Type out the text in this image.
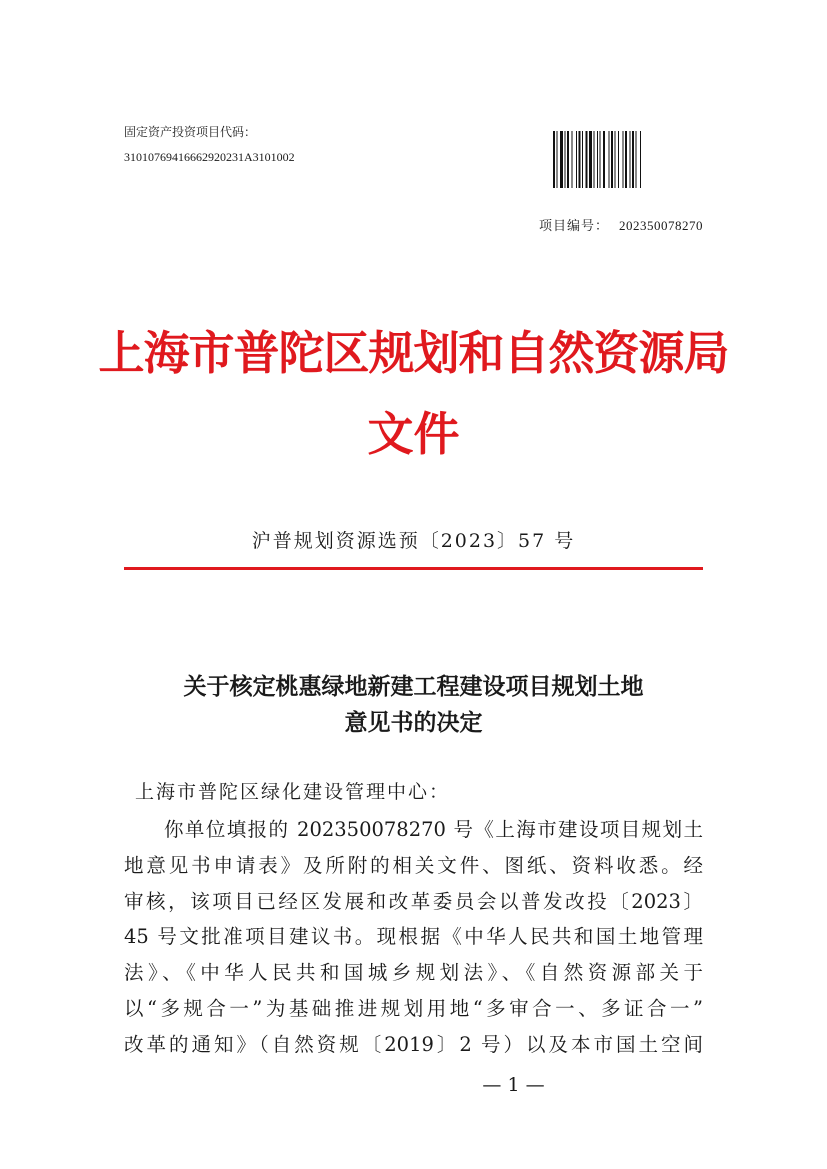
固定资产投资项目代码：
31010769416662920231A3101002
项目编号： 202350078270
上海市普陀区规划和自然资源局
文件
沪普规划资源选预〔2023〕57 号
关于核定桃惠绿地新建工程建设项目规划土地
意见书的决定
上海市普陀区绿化建设管理中心：
你单位填报的 202350078270 号《上海市建设项目规划土
地意见书申请表》及所附的相关文件、图纸、资料收悉。经
审核，该项目已经区发展和改革委员会以普发改投〔2023〕
45 号文批准项目建议书。现根据《中华人民共和国土地管理
法》、《中华人民共和国城乡规划法》、《自然资源部关于
以“多规合一”为基础推进规划用地“多审合一、多证合一”
改革的通知》（自然资规〔2019〕2 号）以及本市国土空间
— 1 —
